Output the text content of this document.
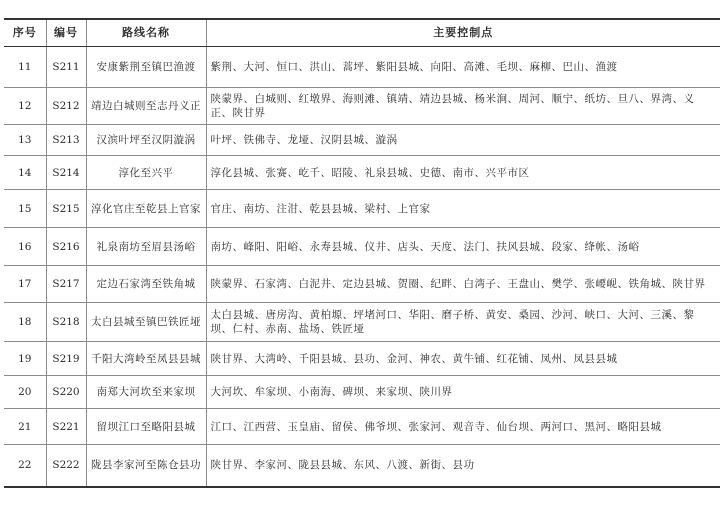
序号	编号	路线名称	主要控制点
11	S211	安康紫荆至镇巴渔渡	紫荆、大河、恒口、洪山、蒿坪、紫阳县城、向阳、高滩、毛坝、麻柳、巴山、渔渡
12	S212	靖边白城则至志丹义正	陕蒙界、白城则、红墩界、海则滩、镇靖、靖边县城、杨米涧、周河、顺宁、纸坊、旦八、界湾、义正、陕甘界
13	S213	汉滨叶坪至汉阴漩涡	叶坪、铁佛寺、龙垭、汉阴县城、漩涡
14	S214	淳化至兴平	淳化县城、张赛、屹千、昭陵、礼泉县城、史德、南市、兴平市区
15	S215	淳化官庄至乾县上官家	官庄、南坊、注泔、乾县县城、梁村、上官家
16	S216	礼泉南坊至眉县汤峪	南坊、峰阳、阳峪、永寿县城、仪井、店头、天度、法门、扶风县城、段家、绛帐、汤峪
17	S217	定边石家湾至铁角城	陕蒙界、石家湾、白泥井、定边县城、贺圈、纪畔、白湾子、王盘山、樊学、张崾岘、铁角城、陕甘界
18	S218	太白县城至镇巴铁匠垭	太白县城、唐房沟、黄柏塬、坪堵河口、华阳、磨子桥、黄安、桑园、沙河、峡口、大河、三溪、黎坝、仁村、赤南、盐场、铁匠垭
19	S219	千阳大湾岭至凤县县城	陕甘界、大湾岭、千阳县城、县功、金河、神农、黄牛铺、红花铺、凤州、凤县县城
20	S220	南郑大河坎至来家坝	大河坎、牟家坝、小南海、碑坝、来家坝、陕川界
21	S221	留坝江口至略阳县城	江口、江西营、玉皇庙、留侯、佛爷坝、张家河、观音寺、仙台坝、两河口、黑河、略阳县城
22	S222	陇县李家河至陈仓县功	陕甘界、李家河、陇县县城、东风、八渡、新街、县功
